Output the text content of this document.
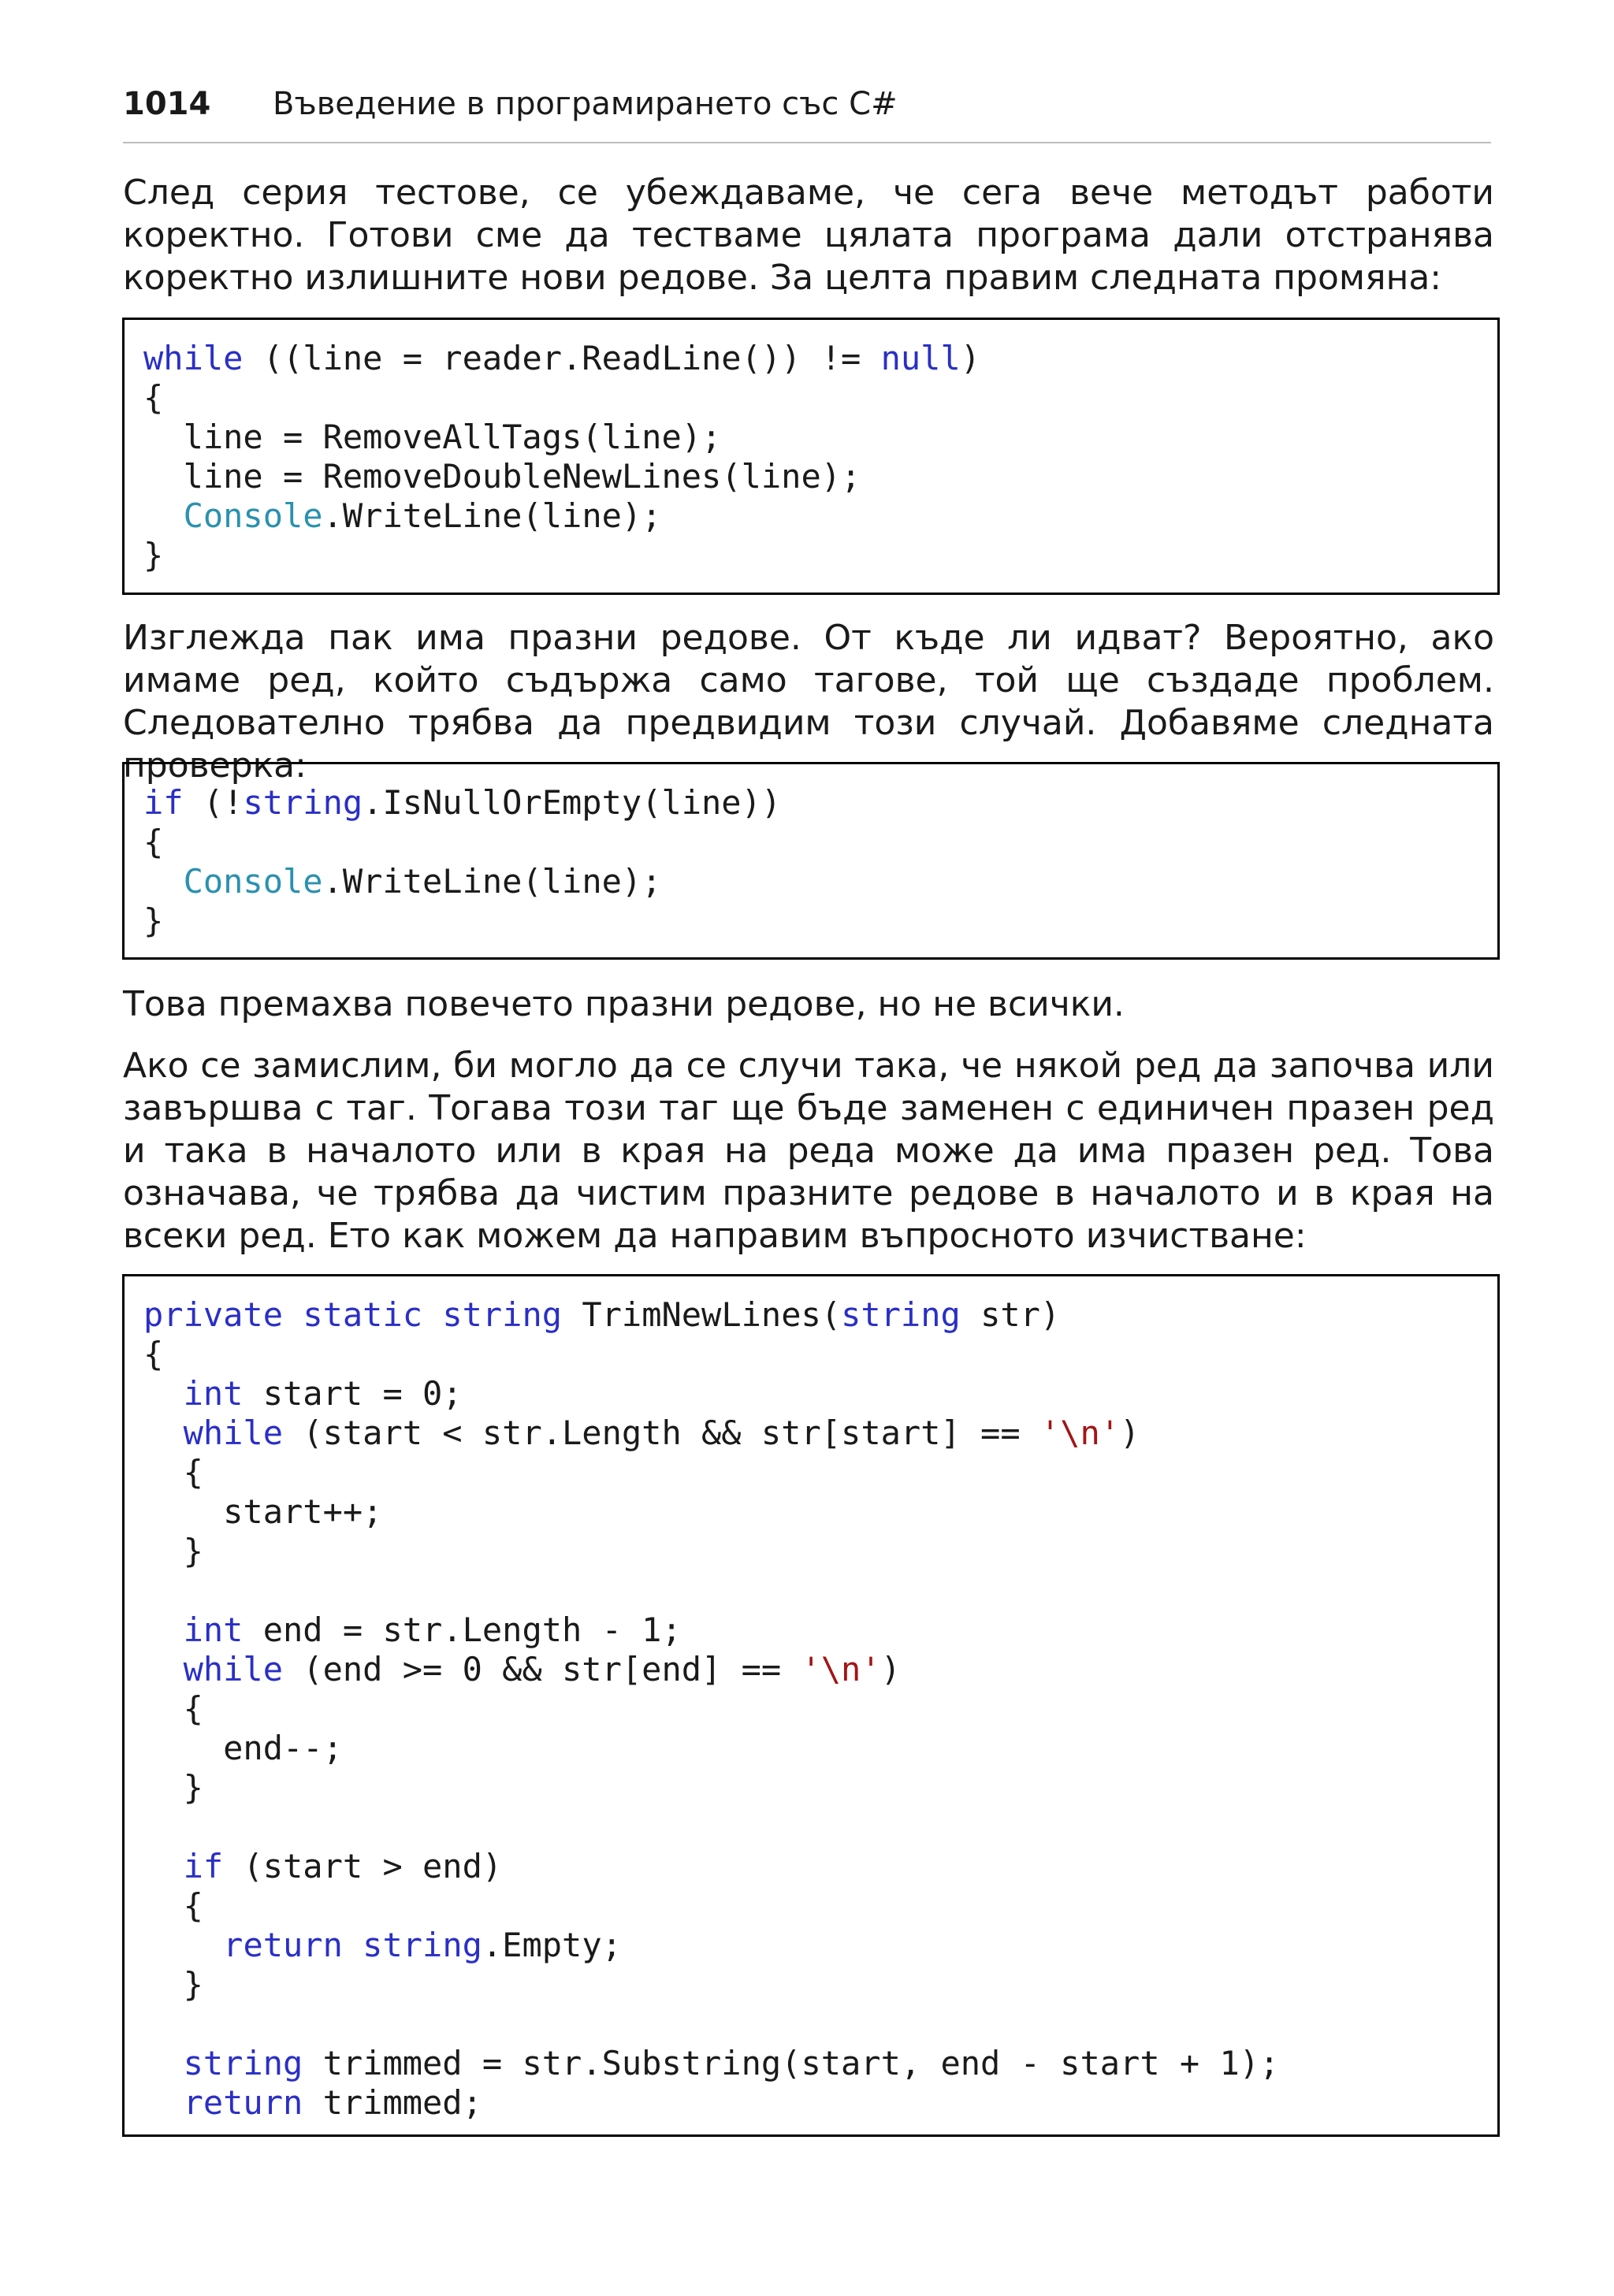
1014 Въведение в програмирането със C#

След серия тестове, се убеждаваме, че сега вече методът работи коректно. Готови сме да тестваме цялата програма дали отстранява коректно излишните нови редове. За целта правим следната промяна:

while ((line = reader.ReadLine()) != null)
{
line = RemoveAllTags(line);
line = RemoveDoubleNewLines(line);
Console.WriteLine(line);
}

Изглежда пак има празни редове. От къде ли идват? Вероятно, ако имаме ред, който съдържа само тагове, той ще създаде проблем. Следователно трябва да предвидим този случай. Добавяме следната проверка:

if (!string.IsNullOrEmpty(line))
{
Console.WriteLine(line);
}

Това премахва повечето празни редове, но не всички.

Ако се замислим, би могло да се случи така, че някой ред да започва или завършва с таг. Тогава този таг ще бъде заменен с единичен празен ред и така в началото или в края на реда може да има празен ред. Това означава, че трябва да чистим празните редове в началото и в края на всеки ред. Ето как можем да направим въпросното изчистване:

private static string TrimNewLines(string str)
{
int start = 0;
while (start < str.Length && str[start] == '\n')
{
start++;
}
int end = str.Length - 1;
while (end >= 0 && str[end] == '\n')
{
end--;
}
if (start > end)
{
return string.Empty;
}
string trimmed = str.Substring(start, end - start + 1);
return trimmed;
